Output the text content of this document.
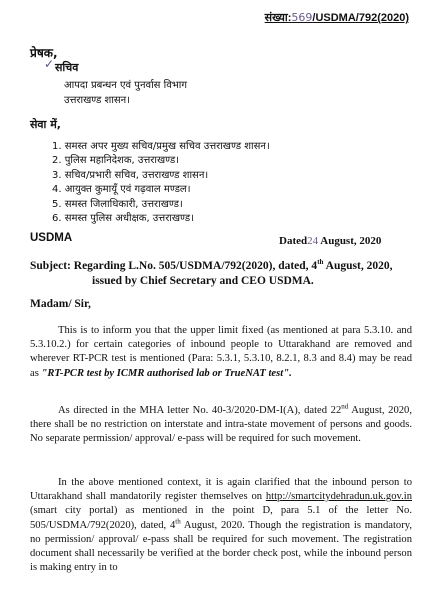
संख्या:569/USDMA/792(2020)
प्रेषक,
✓ सचिव
आपदा प्रबन्धन एवं पुनर्वास विभाग
उत्तराखण्ड शासन।
सेवा में,
1. समस्त अपर मुख्य सचिव/प्रमुख सचिव उत्तराखण्ड शासन।
2. पुलिस महानिदेशक, उत्तराखण्ड।
3. सचिव/प्रभारी सचिव, उत्तराखण्ड शासन।
4. आयुक्त कुमायूँ एवं गढ़वाल मण्डल।
5. समस्त जिलाधिकारी, उत्तराखण्ड।
6. समस्त पुलिस अधीक्षक, उत्तराखण्ड।
USDMA	Dated24 August, 2020
Subject: Regarding L.No. 505/USDMA/792(2020), dated, 4th August, 2020,
issued by Chief Secretary and CEO USDMA.
Madam/ Sir,

This is to inform you that the upper limit fixed (as mentioned at para 5.3.10. and 5.3.10.2.) for certain categories of inbound people to Uttarakhand are removed and wherever RT-PCR test is mentioned (Para: 5.3.1, 5.3.10, 8.2.1, 8.3 and 8.4) may be read as "RT-PCR test by ICMR authorised lab or TrueNAT test".

As directed in the MHA letter No. 40-3/2020-DM-I(A), dated 22nd August, 2020, there shall be no restriction on interstate and intra-state movement of persons and goods. No separate permission/ approval/ e-pass will be required for such movement.

In the above mentioned context, it is again clarified that the inbound person to Uttarakhand shall mandatorily register themselves on http://smartcitydehradun.uk.gov.in (smart city portal) as mentioned in the point D, para 5.1 of the letter No. 505/USDMA/792(2020), dated, 4th August, 2020. Though the registration is mandatory, no permission/ approval/ e-pass shall be required for such movement. The registration document shall necessarily be verified at the border check post, while the inbound person is making entry in to
